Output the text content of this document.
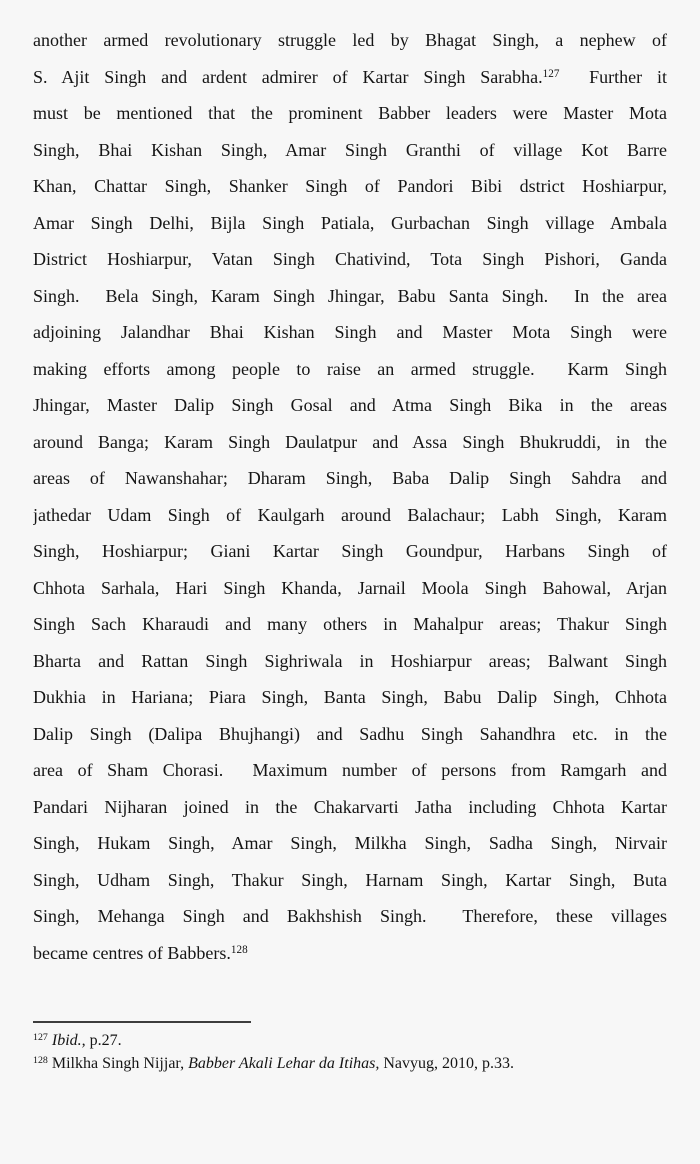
another armed revolutionary struggle led by Bhagat Singh, a nephew of
S. Ajit Singh and ardent admirer of Kartar Singh Sarabha.$^{127}$  Further it
must be mentioned that the prominent Babber leaders were Master Mota
Singh, Bhai Kishan Singh, Amar Singh Granthi of village Kot Barre
Khan, Chattar Singh, Shanker Singh of Pandori Bibi dstrict Hoshiarpur,
Amar Singh Delhi, Bijla Singh Patiala, Gurbachan Singh village Ambala
District Hoshiarpur, Vatan Singh Chativind, Tota Singh Pishori, Ganda
Singh.  Bela Singh, Karam Singh Jhingar, Babu Santa Singh.  In the area
adjoining Jalandhar Bhai Kishan Singh and Master Mota Singh were
making efforts among people to raise an armed struggle.  Karm Singh
Jhingar, Master Dalip Singh Gosal and Atma Singh Bika in the areas
around Banga; Karam Singh Daulatpur and Assa Singh Bhukruddi, in the
areas of Nawanshahar; Dharam Singh, Baba Dalip Singh Sahdra and
jathedar Udam Singh of Kaulgarh around Balachaur; Labh Singh, Karam
Singh, Hoshiarpur; Giani Kartar Singh Goundpur, Harbans Singh of
Chhota Sarhala, Hari Singh Khanda, Jarnail Moola Singh Bahowal, Arjan
Singh Sach Kharaudi and many others in Mahalpur areas; Thakur Singh
Bharta and Rattan Singh Sighriwala in Hoshiarpur areas; Balwant Singh
Dukhia in Hariana; Piara Singh, Banta Singh, Babu Dalip Singh, Chhota
Dalip Singh (Dalipa Bhujhangi) and Sadhu Singh Sahandhra etc. in the
area of Sham Chorasi.  Maximum number of persons from Ramgarh and
Pandari Nijharan joined in the Chakarvarti Jatha including Chhota Kartar
Singh, Hukam Singh, Amar Singh, Milkha Singh, Sadha Singh, Nirvair
Singh, Udham Singh, Thakur Singh, Harnam Singh, Kartar Singh, Buta
Singh, Mehanga Singh and Bakhshish Singh.  Therefore, these villages
became centres of Babbers.$^{128}$
$^{127}$ Ibid., p.27.
$^{128}$ Milkha Singh Nijjar, Babber Akali Lehar da Itihas, Navyug, 2010, p.33.
